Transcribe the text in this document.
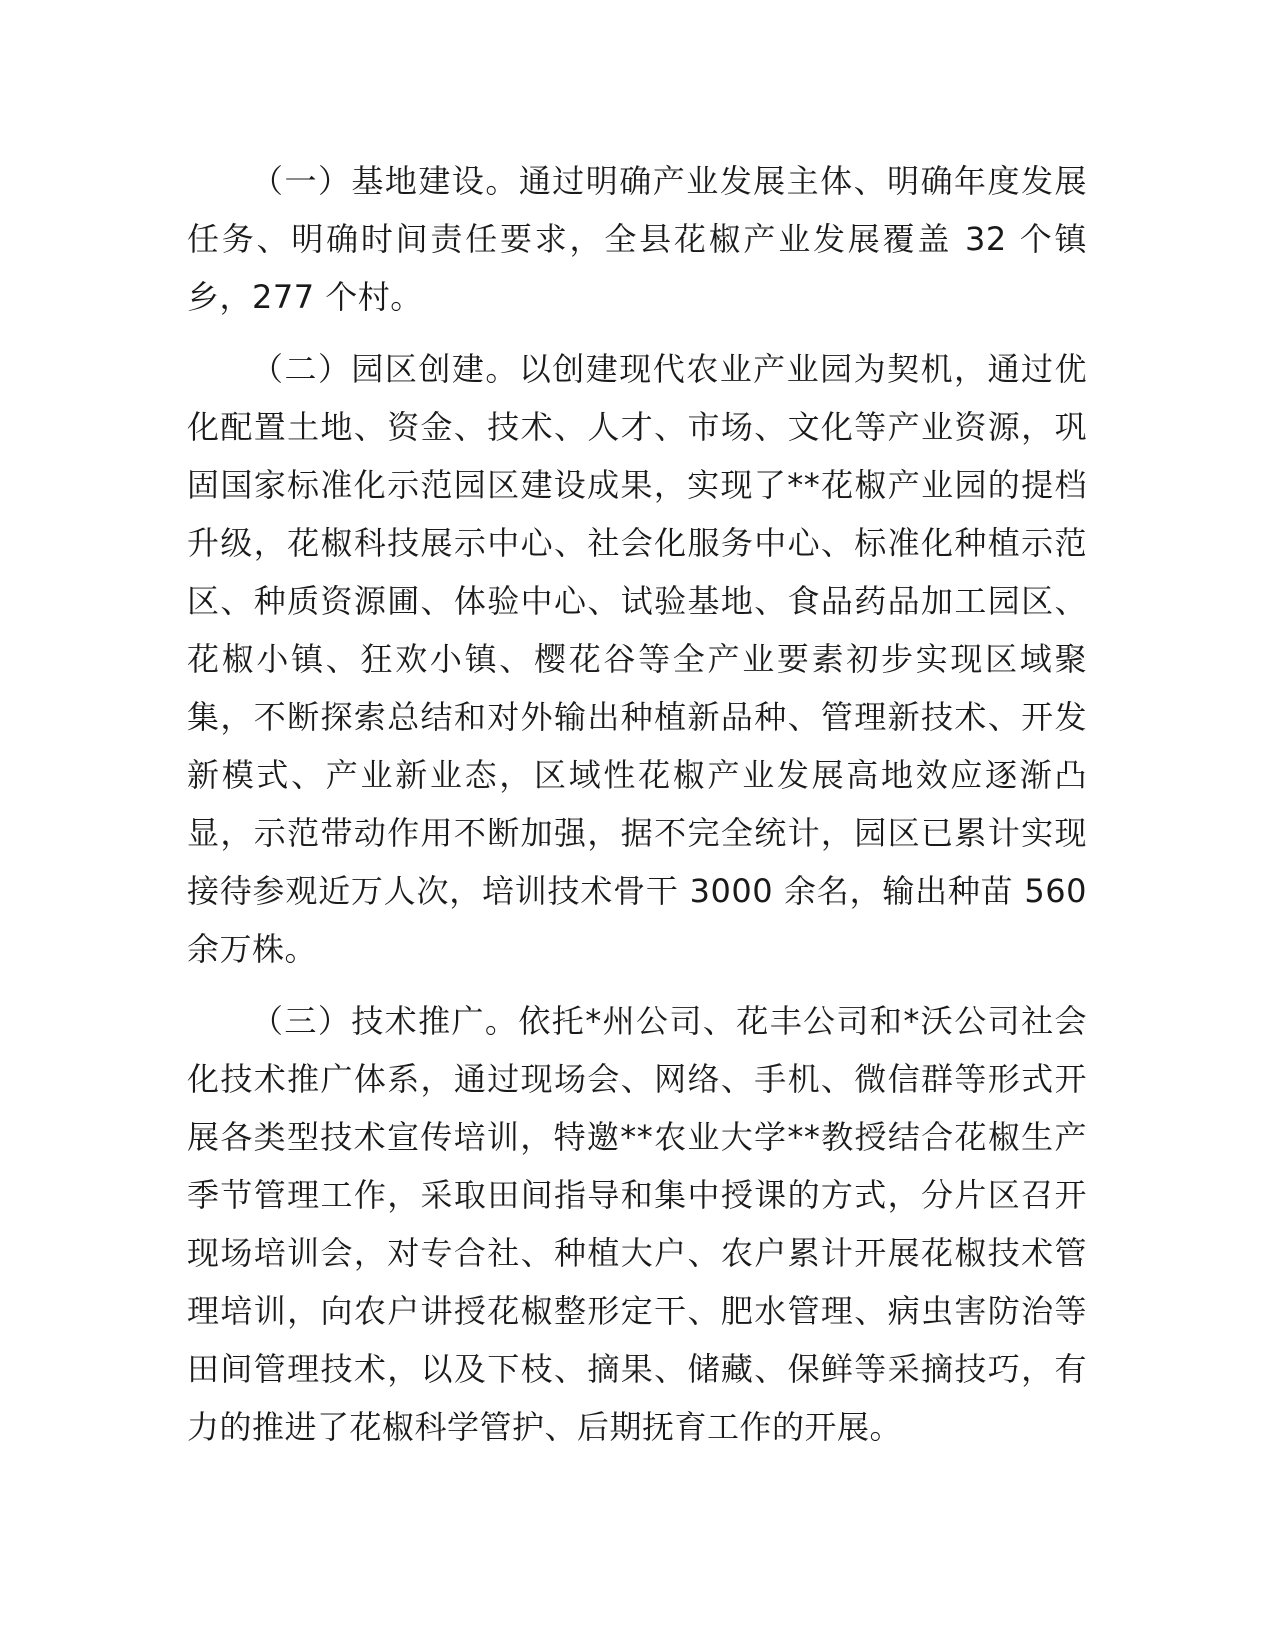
（一）基地建设。通过明确产业发展主体、明确年度发展任务、明确时间责任要求，全县花椒产业发展覆盖 32 个镇乡，277 个村。

（二）园区创建。以创建现代农业产业园为契机，通过优化配置土地、资金、技术、人才、市场、文化等产业资源，巩固国家标准化示范园区建设成果，实现了**花椒产业园的提档升级，花椒科技展示中心、社会化服务中心、标准化种植示范区、种质资源圃、体验中心、试验基地、食品药品加工园区、花椒小镇、狂欢小镇、樱花谷等全产业要素初步实现区域聚集，不断探索总结和对外输出种植新品种、管理新技术、开发新模式、产业新业态，区域性花椒产业发展高地效应逐渐凸显，示范带动作用不断加强，据不完全统计，园区已累计实现接待参观近万人次，培训技术骨干 3000 余名，输出种苗 560 余万株。

（三）技术推广。依托*州公司、花丰公司和*沃公司社会化技术推广体系，通过现场会、网络、手机、微信群等形式开展各类型技术宣传培训，特邀**农业大学**教授结合花椒生产季节管理工作，采取田间指导和集中授课的方式，分片区召开现场培训会，对专合社、种植大户、农户累计开展花椒技术管理培训，向农户讲授花椒整形定干、肥水管理、病虫害防治等田间管理技术，以及下枝、摘果、储藏、保鲜等采摘技巧，有力的推进了花椒科学管护、后期抚育工作的开展。
